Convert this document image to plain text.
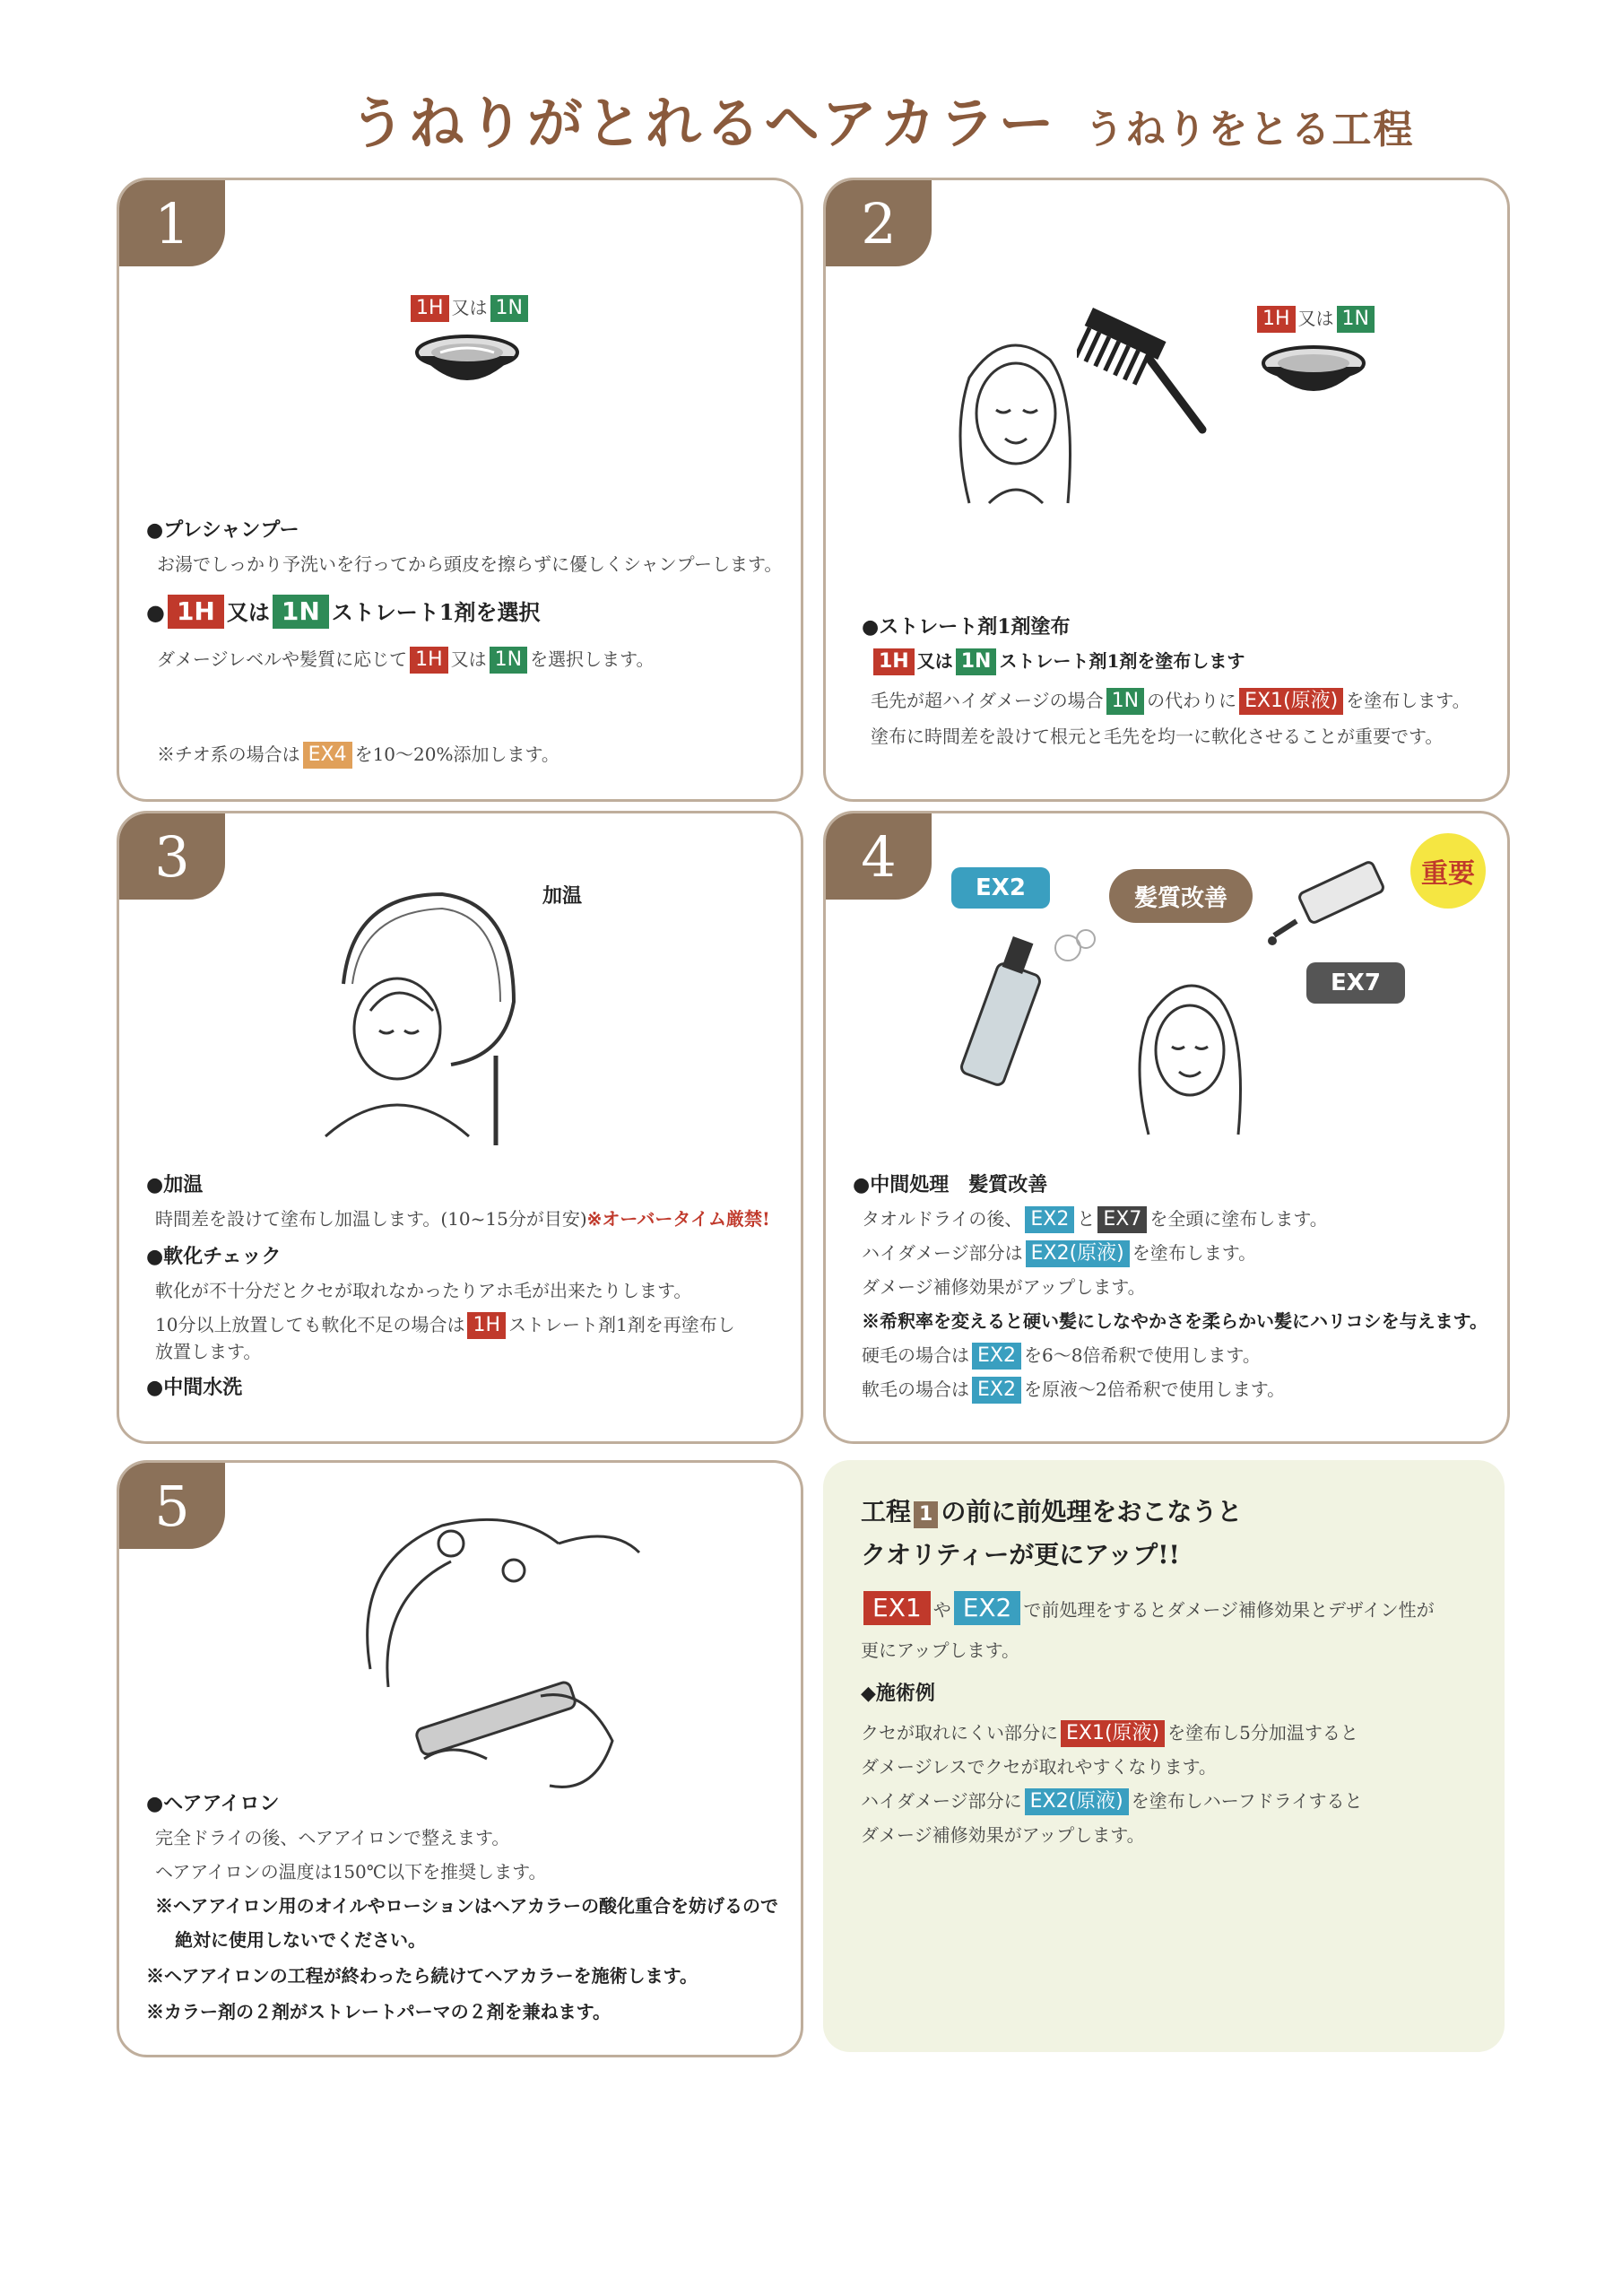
うねりがとれるヘアカラー うねりをとる工程
1
1H 又は 1N
●プレシャンプー
お湯でしっかり予洗いを行ってから頭皮を擦らずに優しくシャンプーします。
● 1H 又は 1N ストレート1剤を選択
ダメージレベルや髪質に応じて 1H 又は 1N を選択します。
※チオ系の場合は EX4 を10～20%添加します。
2
1H 又は 1N
●ストレート剤1剤塗布
1H 又は 1N ストレート剤1剤を塗布します
毛先が超ハイダメージの場合 1N の代わりに EX1(原液) を塗布します。
塗布に時間差を設けて根元と毛先を均一に軟化させることが重要です。
3
加温
●加温
時間差を設けて塗布し加温します。(10~15分が目安)※オーバータイム厳禁!
●軟化チェック
軟化が不十分だとクセが取れなかったりアホ毛が出来たりします。
10分以上放置しても軟化不足の場合は 1H ストレート剤1剤を再塗布し
放置します。
●中間水洗
4	EX2	髪質改善
EX7
重要
●中間処理　髪質改善
タオルドライの後、 EX2 と EX7 を全頭に塗布します。
ハイダメージ部分は EX2(原液) を塗布します。
ダメージ補修効果がアップします。
※希釈率を変えると硬い髪にしなやかさを柔らかい髪にハリコシを与えます。
硬毛の場合は EX2 を6～8倍希釈で使用します。
軟毛の場合は EX2 を原液～2倍希釈で使用します。
5
●ヘアアイロン
完全ドライの後、ヘアアイロンで整えます。
ヘアアイロンの温度は150℃以下を推奨します。
※ヘアアイロン用のオイルやローションはヘアカラーの酸化重合を妨げるので
絶対に使用しないでください。
※ヘアアイロンの工程が終わったら続けてヘアカラーを施術します。
※カラー剤の２剤がストレートパーマの２剤を兼ねます。
工程 1 の前に前処理をおこなうと
クオリティーが更にアップ!!
EX1 や EX2 で前処理をするとダメージ補修効果とデザイン性が
更にアップします。
◆施術例
クセが取れにくい部分に EX1(原液) を塗布し5分加温すると
ダメージレスでクセが取れやすくなります。
ハイダメージ部分に EX2(原液) を塗布しハーフドライすると
ダメージ補修効果がアップします。
